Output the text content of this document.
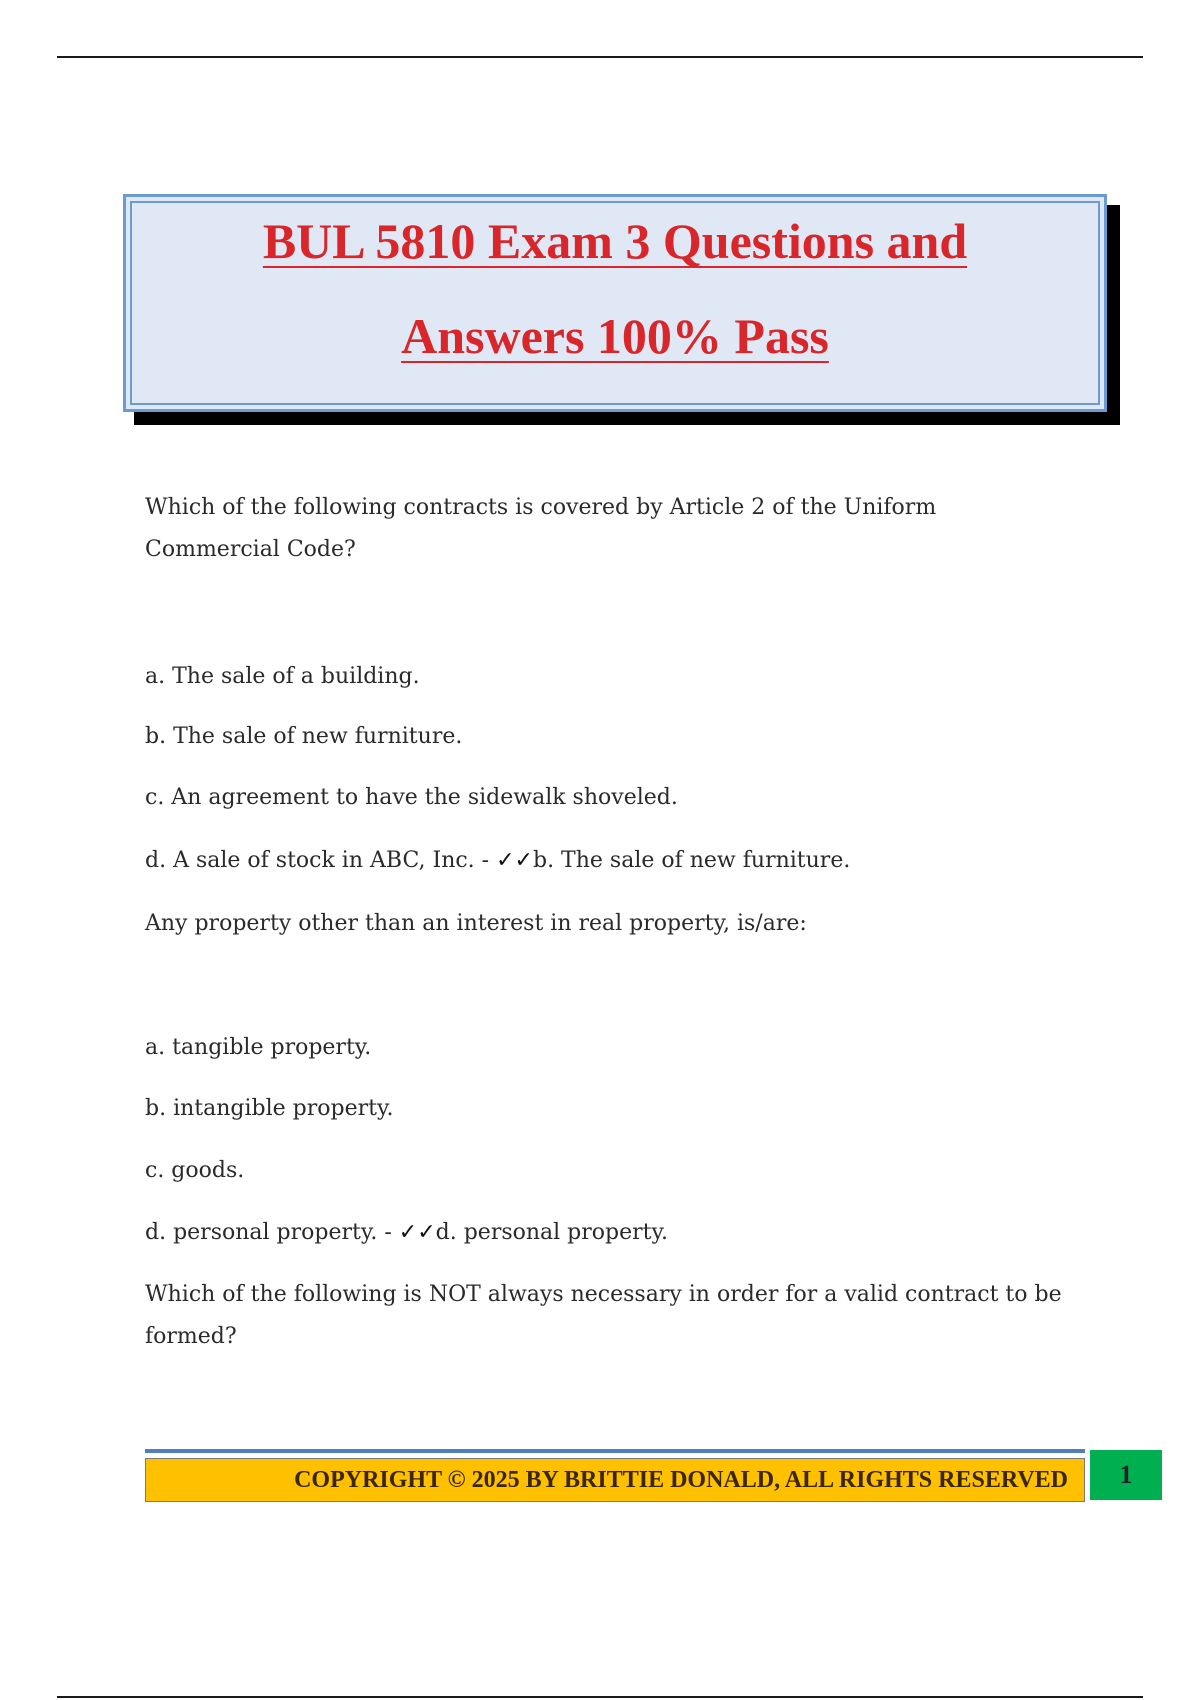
BUL 5810 Exam 3 Questions and
Answers 100% Pass
Which of the following contracts is covered by Article 2 of the Uniform Commercial Code?
a. The sale of a building.
b. The sale of new furniture.
c. An agreement to have the sidewalk shoveled.
d. A sale of stock in ABC, Inc. - ✓✓b. The sale of new furniture.
Any property other than an interest in real property, is/are:
a. tangible property.
b. intangible property.
c. goods.
d. personal property. - ✓✓d. personal property.
Which of the following is NOT always necessary in order for a valid contract to be formed?
COPYRIGHT © 2025 BY BRITTIE DONALD, ALL RIGHTS RESERVED	1
